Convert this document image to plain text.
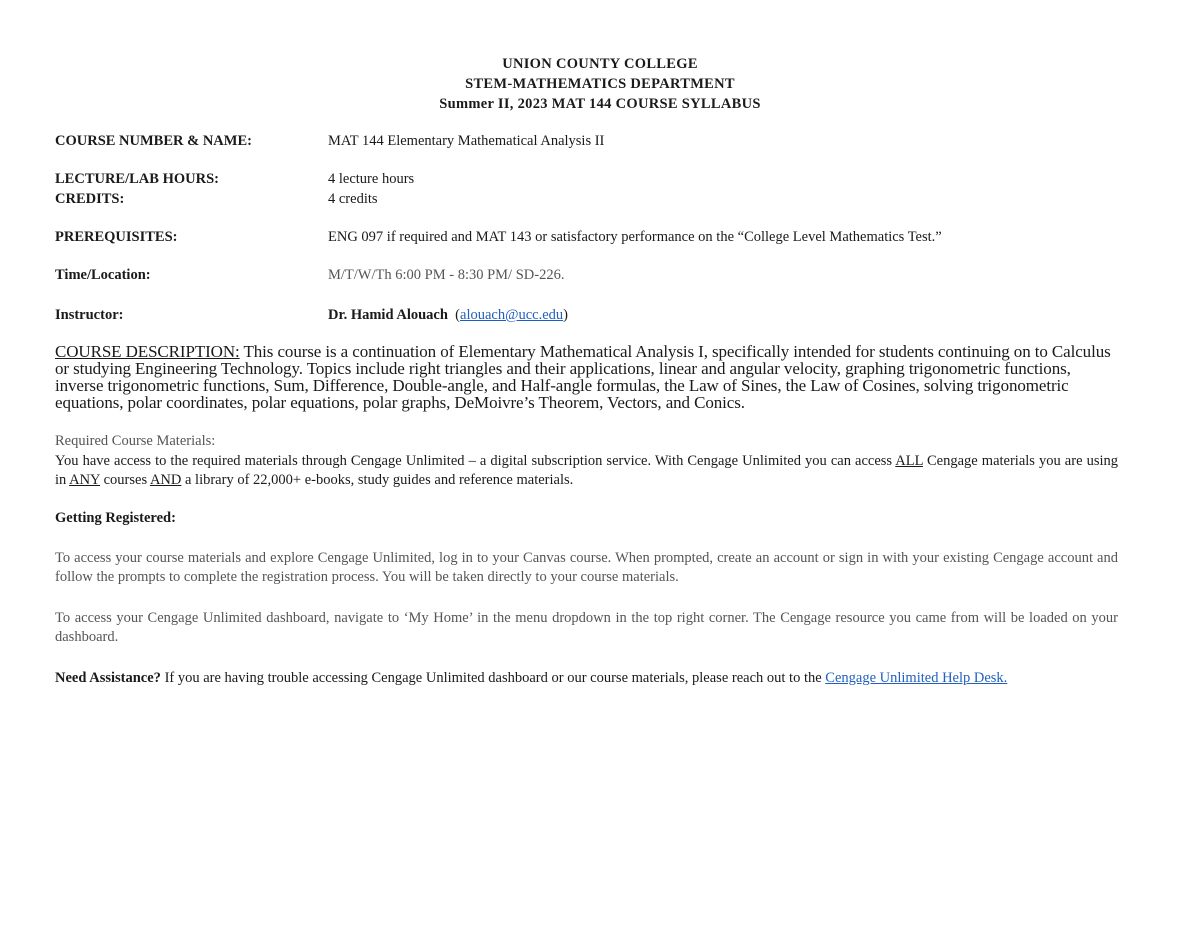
UNION COUNTY COLLEGE
STEM-MATHEMATICS DEPARTMENT
Summer II, 2023 MAT 144 COURSE SYLLABUS
COURSE NUMBER & NAME:	MAT 144 Elementary Mathematical Analysis II
LECTURE/LAB HOURS:	4 lecture hours
CREDITS:	4 credits
PREREQUISITES:	ENG 097 if required and MAT 143 or satisfactory performance on the “College Level Mathematics Test.”
Time/Location:	M/T/W/Th 6:00 PM - 8:30 PM/ SD-226.
Instructor:	Dr. Hamid Alouach (alouach@ucc.edu)
COURSE DESCRIPTION: This course is a continuation of Elementary Mathematical Analysis I, specifically intended for students continuing on to Calculus or studying Engineering Technology. Topics include right triangles and their applications, linear and angular velocity, graphing trigonometric functions, inverse trigonometric functions, Sum, Difference, Double-angle, and Half-angle formulas, the Law of Sines, the Law of Cosines, solving trigonometric equations, polar coordinates, polar equations, polar graphs, DeMoivre’s Theorem, Vectors, and Conics.
Required Course Materials:
You have access to the required materials through Cengage Unlimited – a digital subscription service. With Cengage Unlimited you can access ALL Cengage materials you are using in ANY courses AND a library of 22,000+ e-books, study guides and reference materials.
Getting Registered:
To access your course materials and explore Cengage Unlimited, log in to your Canvas course. When prompted, create an account or sign in with your existing Cengage account and follow the prompts to complete the registration process. You will be taken directly to your course materials.
To access your Cengage Unlimited dashboard, navigate to ‘My Home’ in the menu dropdown in the top right corner. The Cengage resource you came from will be loaded on your dashboard.
Need Assistance? If you are having trouble accessing Cengage Unlimited dashboard or our course materials, please reach out to the Cengage Unlimited Help Desk.
